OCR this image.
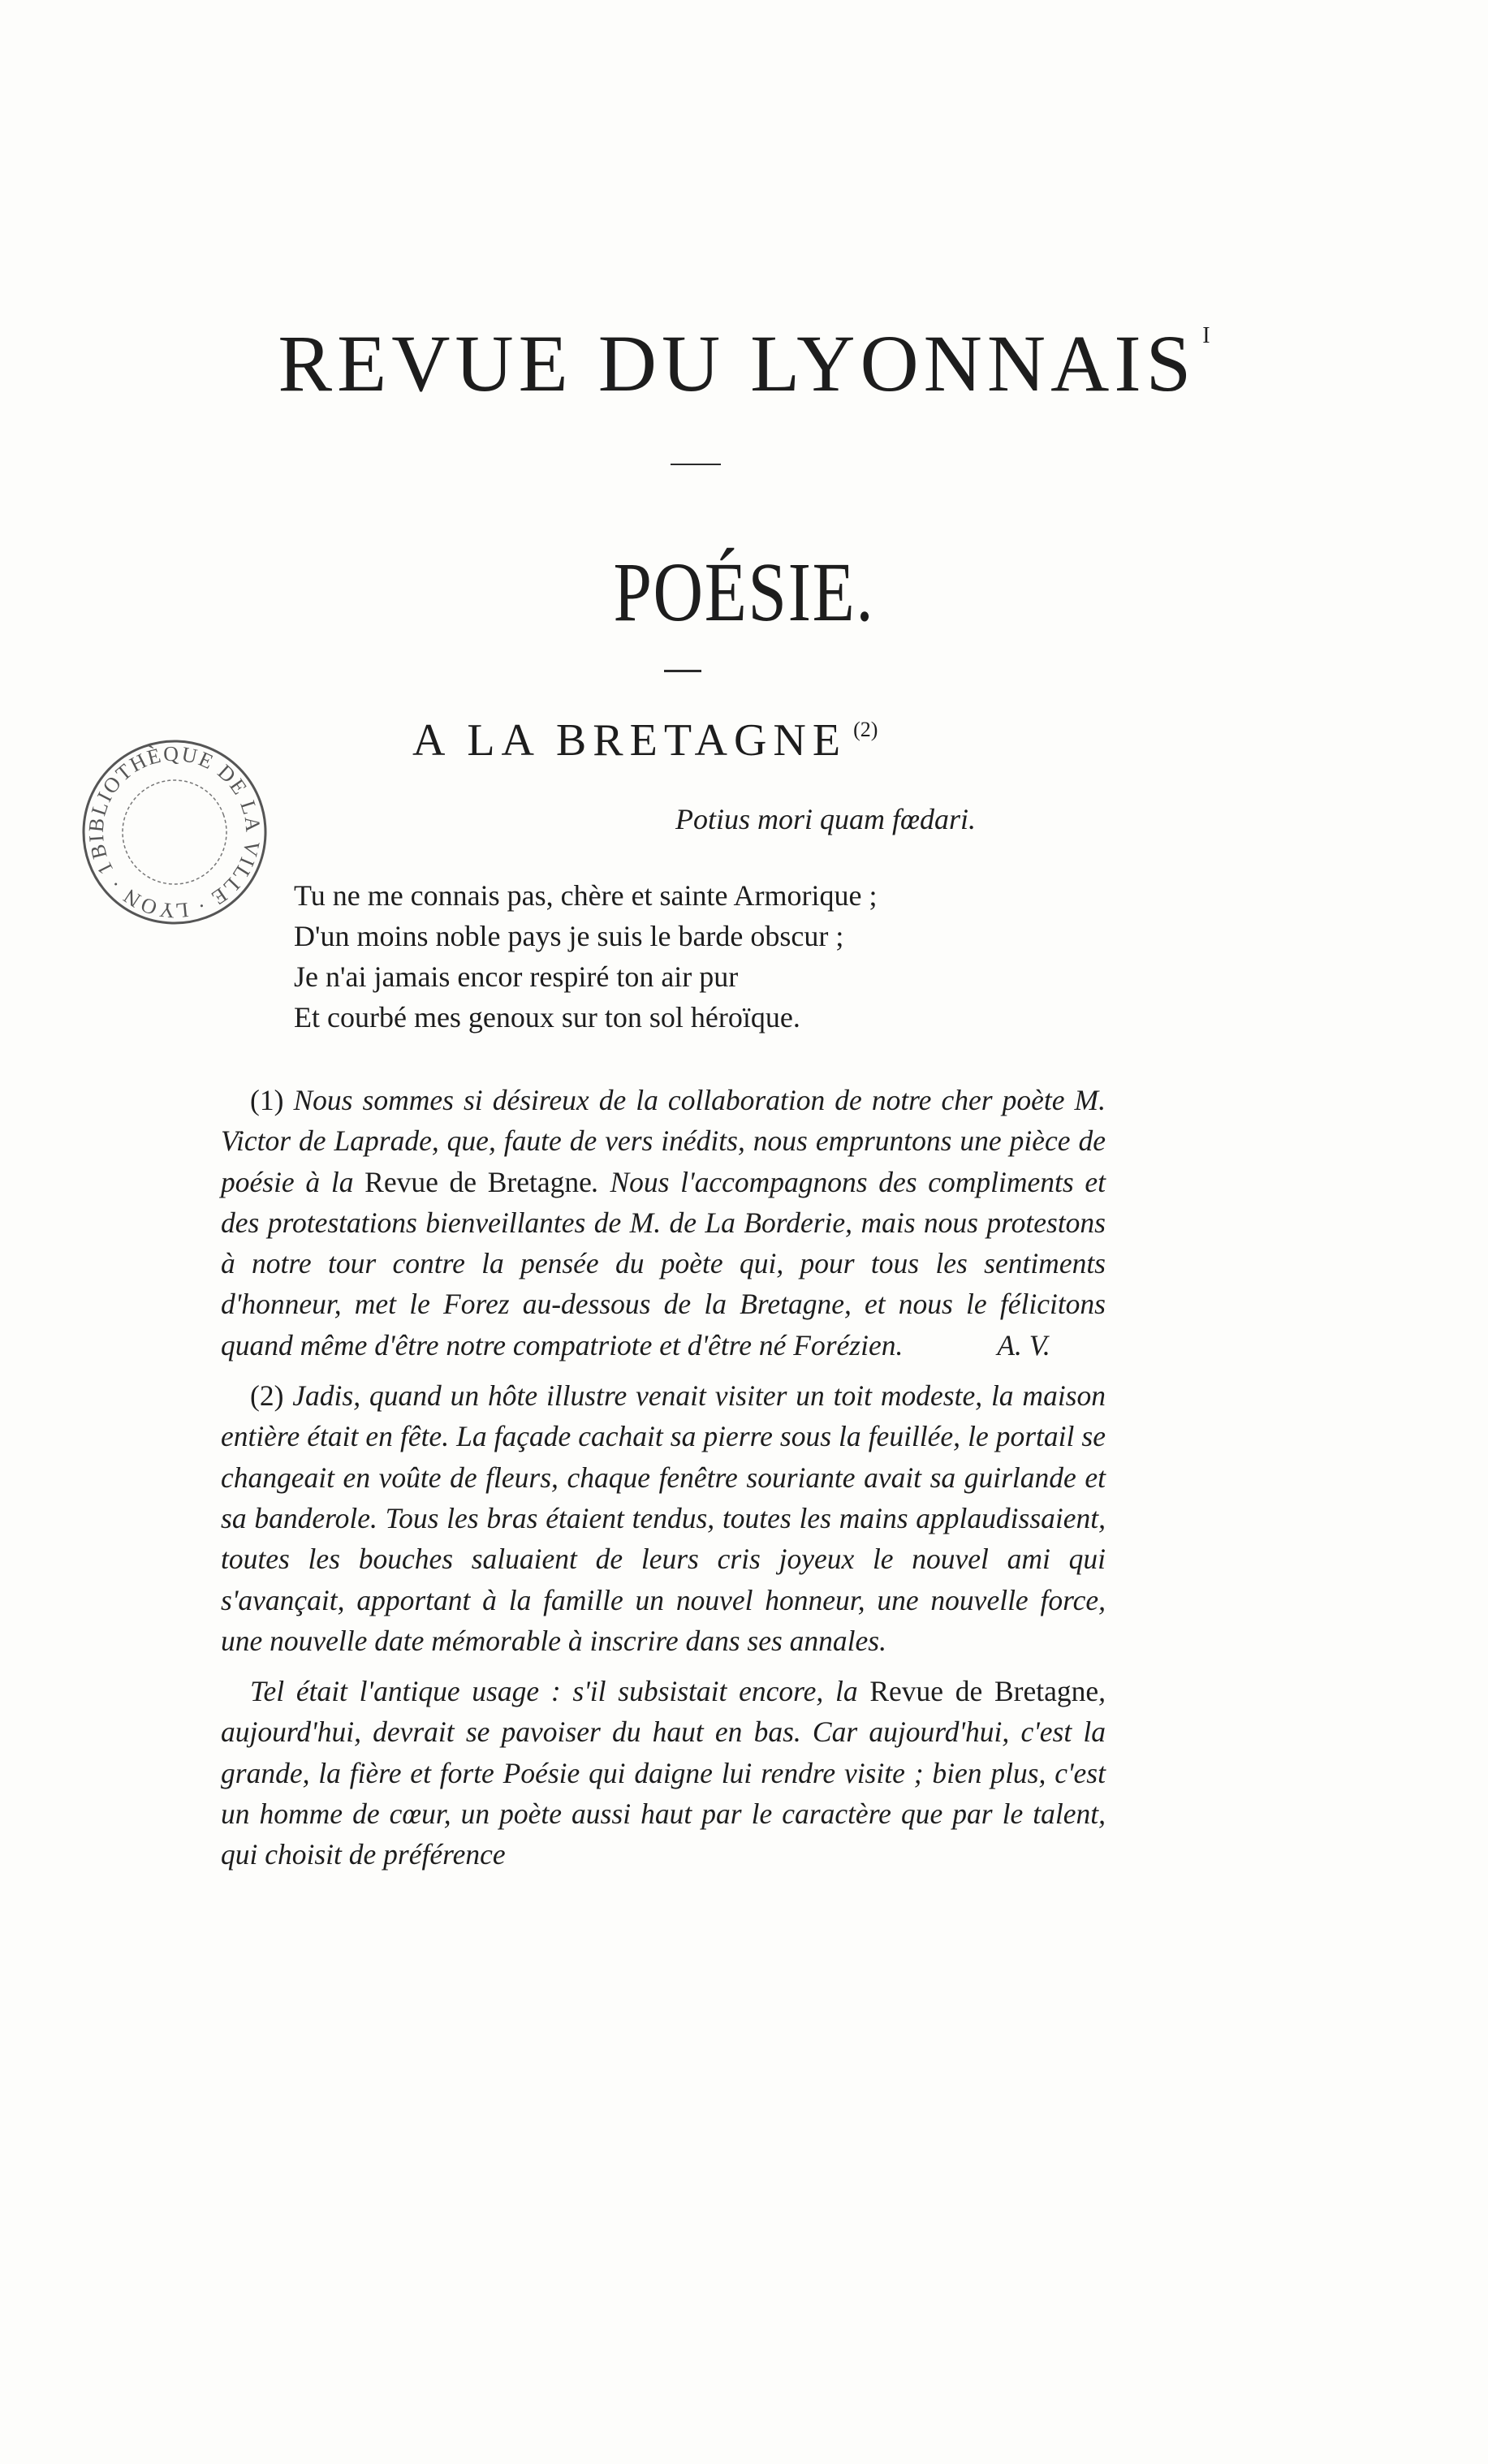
REVUE DU LYONNAIS $^I$
POÉSIE.
A LA BRETAGNE $^{(2)}$
Potius mori quam fœdari.
Tu ne me connais pas, chère et sainte Armorique ;
D'un moins noble pays je suis le barde obscur ;
Je n'ai jamais encor respiré ton air pur
Et courbé mes genoux sur ton sol héroïque.
BIBLIOTHÈQUE DE LA VILLE · LYON · 1892

(1) Nous sommes si désireux de la collaboration de notre cher poète M. Victor de Laprade, que, faute de vers inédits, nous empruntons une pièce de poésie à la Revue de Bretagne. Nous l'accompagnons des compliments et des protestations bienveillantes de M. de La Borderie, mais nous protestons à notre tour contre la pensée du poète qui, pour tous les sentiments d'honneur, met le Forez au-dessous de la Bretagne, et nous le félicitons quand même d'être notre compatriote et d'être né Forézien.	A. V.

(2) Jadis, quand un hôte illustre venait visiter un toit modeste, la maison entière était en fête. La façade cachait sa pierre sous la feuillée, le portail se changeait en voûte de fleurs, chaque fenêtre souriante avait sa guirlande et sa banderole. Tous les bras étaient tendus, toutes les mains applaudissaient, toutes les bouches saluaient de leurs cris joyeux le nouvel ami qui s'avançait, apportant à la famille un nouvel honneur, une nouvelle force, une nouvelle date mémorable à inscrire dans ses annales.

Tel était l'antique usage : s'il subsistait encore, la Revue de Bretagne, aujourd'hui, devrait se pavoiser du haut en bas. Car aujourd'hui, c'est la grande, la fière et forte Poésie qui daigne lui rendre visite ; bien plus, c'est un homme de cœur, un poète aussi haut par le caractère que par le talent, qui choisit de préférence
